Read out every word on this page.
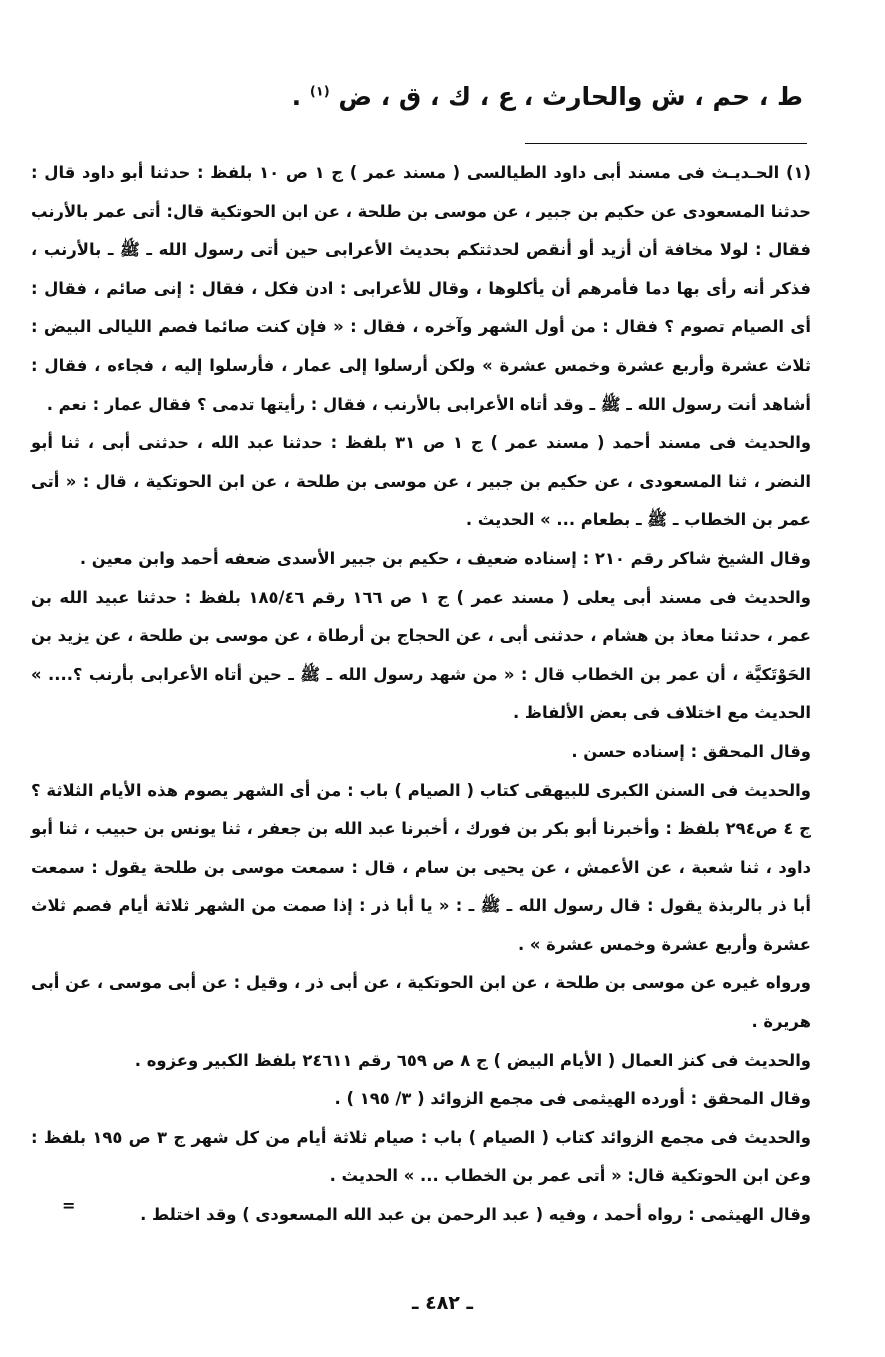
ط ، حم ، ش والحارث ، ع ، ك ، ق ، ض $^{(١)}$ .

(١) الحـديـث فى مسند أبى داود الطيالسى ( مسند عمر ) ج ١ ص ١٠ بلفظ : حدثنا أبو داود قال : حدثنا المسعودى عن حكيم بن جبير ، عن موسى بن طلحة ، عن ابن الحوتكية قال: أتى عمر بالأرنب فقال : لولا مخافة أن أزيد أو أنقص لحدثتكم بحديث الأعرابى حين أتى رسول الله ـ ﷺ ـ بالأرنب ، فذكر أنه رأى بها دما فأمرهم أن يأكلوها ، وقال للأعرابى : ادن فكل ، فقال : إنى صائم ، فقال : أى الصيام تصوم ؟ فقال : من أول الشهر وآخره ، فقال : « فإن كنت صائما فصم الليالى البيض : ثلاث عشرة وأربع عشرة وخمس عشرة » ولكن أرسلوا إلى عمار ، فأرسلوا إليه ، فجاءه ، فقال : أشاهد أنت رسول الله ـ ﷺ ـ وقد أتاه الأعرابى بالأرنب ، فقال : رأيتها تدمى ؟ فقال عمار : نعم .

والحديث فى مسند أحمد ( مسند عمر ) ج ١ ص ٣١ بلفظ : حدثنا عبد الله ، حدثنى أبى ، ثنا أبو النضر ، ثنا المسعودى ، عن حكيم بن جبير ، عن موسى بن طلحة ، عن ابن الحوتكية ، قال : « أتى عمر بن الخطاب ـ ﷺ ـ بطعام ... » الحديث .

وقال الشيخ شاكر رقم ٢١٠ : إسناده ضعيف ، حكيم بن جبير الأسدى ضعفه أحمد وابن معين .

والحديث فى مسند أبى يعلى ( مسند عمر ) ج ١ ص ١٦٦ رقم ١٨٥/٤٦ بلفظ : حدثنا عبيد الله بن عمر ، حدثنا معاذ بن هشام ، حدثنى أبى ، عن الحجاج بن أرطاة ، عن موسى بن طلحة ، عن يزيد بن الحَوْتَكيَّة ، أن عمر بن الخطاب قال : « من شهد رسول الله ـ ﷺ ـ حين أتاه الأعرابى بأرنب ؟.... » الحديث مع اختلاف فى بعض الألفاظ .

وقال المحقق : إسناده حسن .

والحديث فى السنن الكبرى للبيهقى كتاب ( الصيام ) باب : من أى الشهر يصوم هذه الأيام الثلاثة ؟ ج ٤ ص٢٩٤ بلفظ : وأخبرنا أبو بكر بن فورك ، أخبرنا عبد الله بن جعفر ، ثنا يونس بن حبيب ، ثنا أبو داود ، ثنا شعبة ، عن الأعمش ، عن يحيى بن سام ، قال : سمعت موسى بن طلحة يقول : سمعت أبا ذر بالربذة يقول : قال رسول الله ـ ﷺ ـ : « يا أبا ذر : إذا صمت من الشهر ثلاثة أيام فصم ثلاث عشرة وأربع عشرة وخمس عشرة » .

ورواه غيره عن موسى بن طلحة ، عن ابن الحوتكية ، عن أبى ذر ، وقيل : عن أبى موسى ، عن أبى هريرة .

والحديث فى كنز العمال ( الأيام البيض ) ج ٨ ص ٦٥٩ رقم ٢٤٦١١ بلفظ الكبير وعزوه .

وقال المحقق : أورده الهيثمى فى مجمع الزوائد ( ٣/ ١٩٥ ) .

والحديث فى مجمع الزوائد كتاب ( الصيام ) باب : صيام ثلاثة أيام من كل شهر ج ٣ ص ١٩٥ بلفظ : وعن ابن الحوتكية قال: « أتى عمر بن الخطاب ... » الحديث .

وقال الهيثمى : رواه أحمد ، وفيه ( عبد الرحمن بن عبد الله المسعودى ) وقد اختلط .

=
ـ ٤٨٢ ـ
